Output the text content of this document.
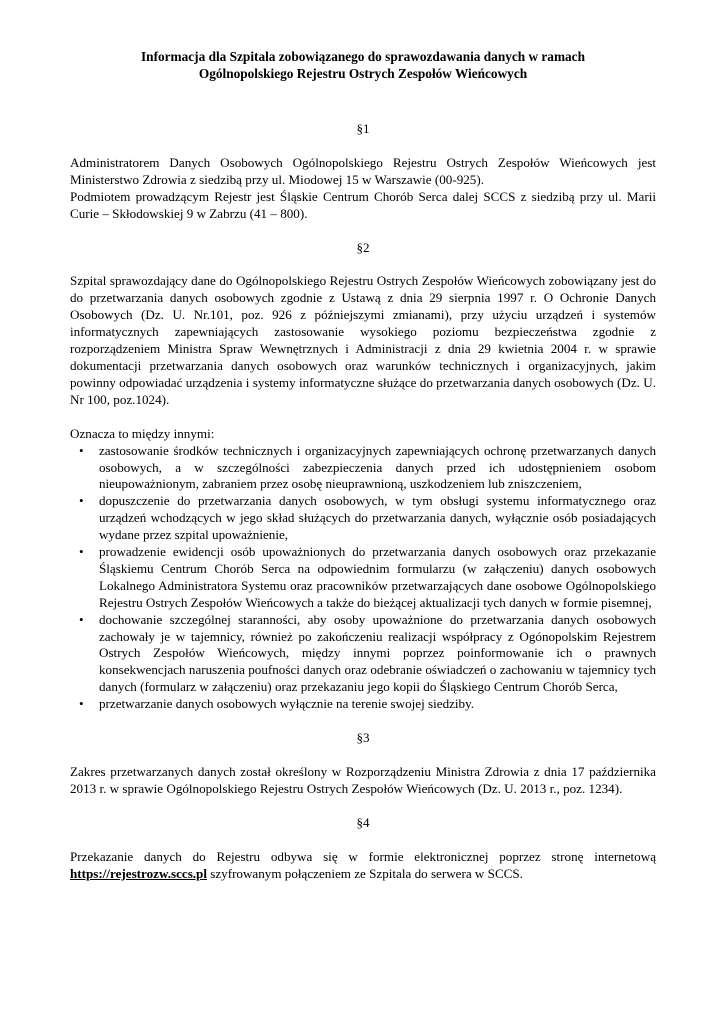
Informacja dla Szpitala zobowiązanego do sprawozdawania danych w ramach

Ogólnopolskiego Rejestru Ostrych Zespołów Wieńcowych

§1

Administratorem Danych Osobowych Ogólnopolskiego Rejestru Ostrych Zespołów Wieńcowych jest Ministerstwo Zdrowia z siedzibą przy ul. Miodowej 15 w Warszawie (00-925).

Podmiotem prowadzącym Rejestr jest Śląskie Centrum Chorób Serca dalej SCCS z siedzibą przy ul. Marii Curie – Skłodowskiej 9 w Zabrzu (41 – 800).

§2

Szpital sprawozdający dane do Ogólnopolskiego Rejestru Ostrych Zespołów Wieńcowych zobowiązany jest do do przetwarzania danych osobowych zgodnie z Ustawą z dnia 29 sierpnia 1997 r. O Ochronie Danych Osobowych (Dz. U. Nr.101, poz. 926 z późniejszymi zmianami), przy użyciu urządzeń i systemów informatycznych zapewniających zastosowanie wysokiego poziomu bezpieczeństwa zgodnie z rozporządzeniem Ministra Spraw Wewnętrznych i Administracji z dnia 29 kwietnia 2004 r. w sprawie dokumentacji przetwarzania danych osobowych oraz warunków technicznych i organizacyjnych, jakim powinny odpowiadać urządzenia i systemy informatyczne służące do przetwarzania danych osobowych (Dz. U. Nr 100, poz.1024).

Oznacza to między innymi:

•	zastosowanie środków technicznych i organizacyjnych zapewniających ochronę przetwarzanych danych osobowych, a w szczególności zabezpieczenia danych przed ich udostępnieniem osobom nieupoważnionym, zabraniem przez osobę nieuprawnioną, uszkodzeniem lub zniszczeniem,
•	dopuszczenie do przetwarzania danych osobowych, w tym obsługi systemu informatycznego oraz urządzeń wchodzących w jego skład służących do przetwarzania danych, wyłącznie osób posiadających wydane przez szpital upoważnienie,
•	prowadzenie ewidencji osób upoważnionych do przetwarzania danych osobowych oraz przekazanie Śląskiemu Centrum Chorób Serca na odpowiednim formularzu (w załączeniu) danych osobowych Lokalnego Administratora Systemu oraz pracowników przetwarzających dane osobowe Ogólnopolskiego Rejestru Ostrych Zespołów Wieńcowych a także do bieżącej aktualizacji tych danych w formie pisemnej,
•	dochowanie szczególnej staranności, aby osoby upoważnione do przetwarzania danych osobowych zachowały je w tajemnicy, również po zakończeniu realizacji współpracy z Ogónopolskim Rejestrem Ostrych Zespołów Wieńcowych, między innymi poprzez poinformowanie ich o prawnych konsekwencjach naruszenia poufności danych oraz odebranie oświadczeń o zachowaniu w tajemnicy tych danych (formularz w załączeniu) oraz przekazaniu jego kopii do Śląskiego Centrum Chorób Serca,
•	przetwarzanie danych osobowych wyłącznie na terenie swojej siedziby.

§3

Zakres przetwarzanych danych został określony w Rozporządzeniu Ministra Zdrowia z dnia 17 października 2013 r. w sprawie Ogólnopolskiego Rejestru Ostrych Zespołów Wieńcowych (Dz. U. 2013 r., poz. 1234).

§4

Przekazanie danych do Rejestru odbywa się w formie elektronicznej poprzez stronę internetową https://rejestrozw.sccs.pl szyfrowanym połączeniem ze Szpitala do serwera w SCCS.
